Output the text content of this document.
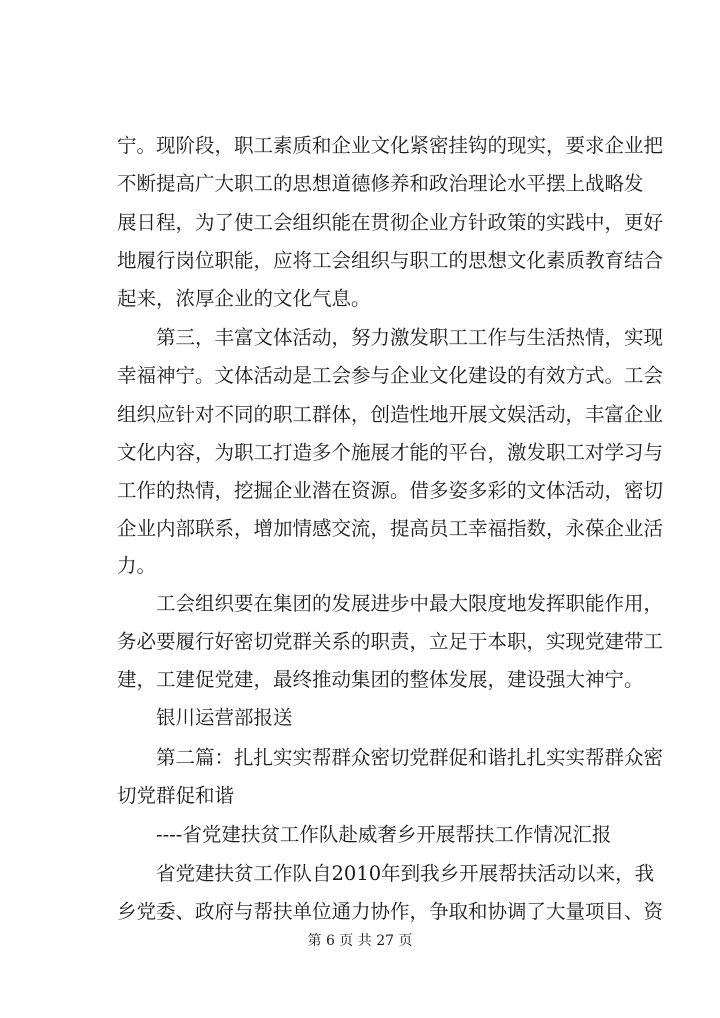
宁。现阶段，职工素质和企业文化紧密挂钩的现实，要求企业把
不断提高广大职工的思想道德修养和政治理论水平摆上战略发
展日程，为了使工会组织能在贯彻企业方针政策的实践中，更好
地履行岗位职能，应将工会组织与职工的思想文化素质教育结合
起来，浓厚企业的文化气息。
第三，丰富文体活动，努力激发职工工作与生活热情，实现
幸福神宁。文体活动是工会参与企业文化建设的有效方式。工会
组织应针对不同的职工群体，创造性地开展文娱活动，丰富企业
文化内容，为职工打造多个施展才能的平台，激发职工对学习与
工作的热情，挖掘企业潜在资源。借多姿多彩的文体活动，密切
企业内部联系，增加情感交流，提高员工幸福指数，永葆企业活
力。
工会组织要在集团的发展进步中最大限度地发挥职能作用，
务必要履行好密切党群关系的职责，立足于本职，实现党建带工
建，工建促党建，最终推动集团的整体发展，建设强大神宁。
银川运营部报送
第二篇：扎扎实实帮群众密切党群促和谐扎扎实实帮群众密
切党群促和谐
----省党建扶贫工作队赴威奢乡开展帮扶工作情况汇报
省党建扶贫工作队自2010年到我乡开展帮扶活动以来，我
乡党委、政府与帮扶单位通力协作，争取和协调了大量项目、资
第 6 页 共 27 页
